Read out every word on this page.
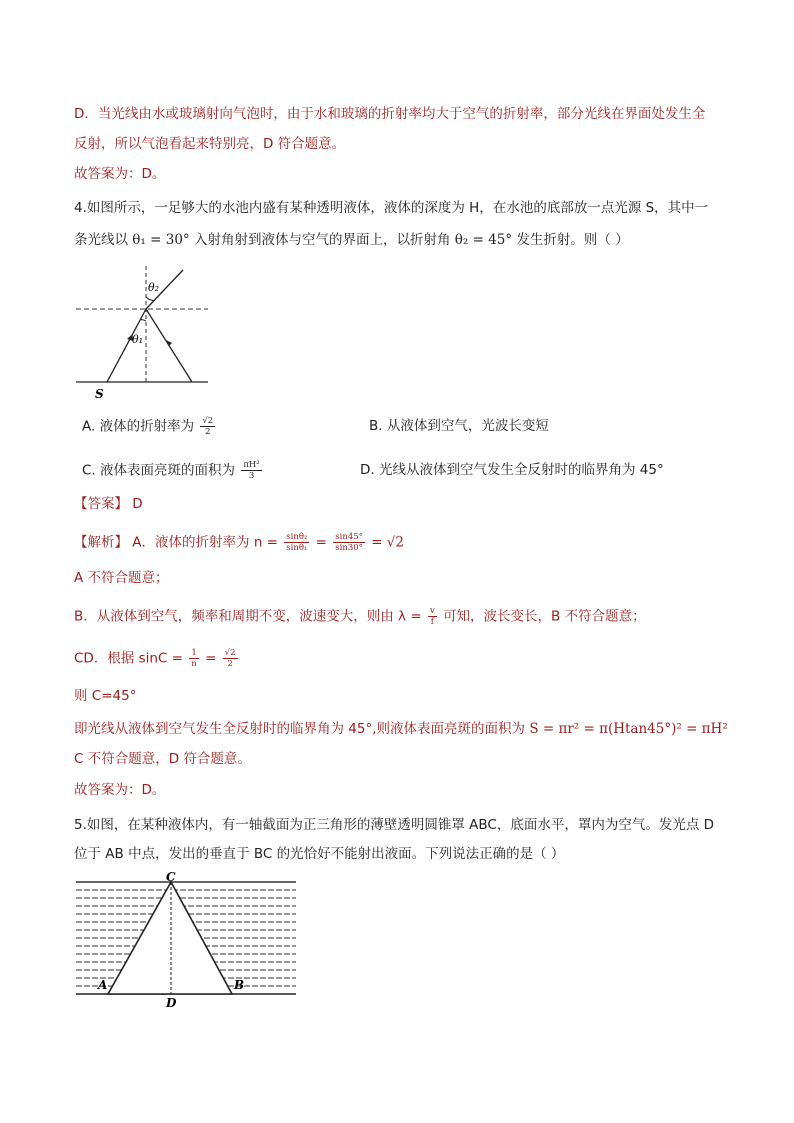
D．当光线由水或玻璃射向气泡时，由于水和玻璃的折射率均大于空气的折射率，部分光线在界面处发生全
反射，所以气泡看起来特别亮，D 符合题意。
故答案为：D。
4.如图所示，一足够大的水池内盛有某种透明液体，液体的深度为 H，在水池的底部放一点光源 S，其中一
条光线以 θ₁ = 30° 入射角射到液体与空气的界面上，以折射角 θ₂ = 45° 发生折射。则（ ）
θ₂
θ₁
S
A. 液体的折射率为 $\frac{√2}{2}$	B. 从液体到空气，光波长变短
C. 液体表面亮斑的面积为 $\frac{\text{πH²}}{3}$	D. 光线从液体到空气发生全反射时的临界角为 45°
【答案】 D
【解析】 A．液体的折射率为 $n = \frac{\text{sinθ₂}}{\text{sinθ₁}} = \frac{\sin 45^\circ}{\sin 30^\circ} = √2$
A 不符合题意；
B．从液体到空气，频率和周期不变，波速变大，则由 $\lambda = \frac{v}{f}$ 可知，波长变长，B 不符合题意；
CD．根据 $\sin C = \frac{1}{n} = \frac{√2}{2}$
则 C=45°
即光线从液体到空气发生全反射时的临界角为 45°,则液体表面亮斑的面积为 S = πr² = π(Htan45°)² = πH²
C 不符合题意，D 符合题意。
故答案为：D。
5.如图，在某种液体内，有一轴截面为正三角形的薄壁透明圆锥罩 ABC，底面水平，罩内为空气。发光点 D
位于 AB 中点，发出的垂直于 BC 的光恰好不能射出液面。下列说法正确的是（ ）
C
A	B
D
